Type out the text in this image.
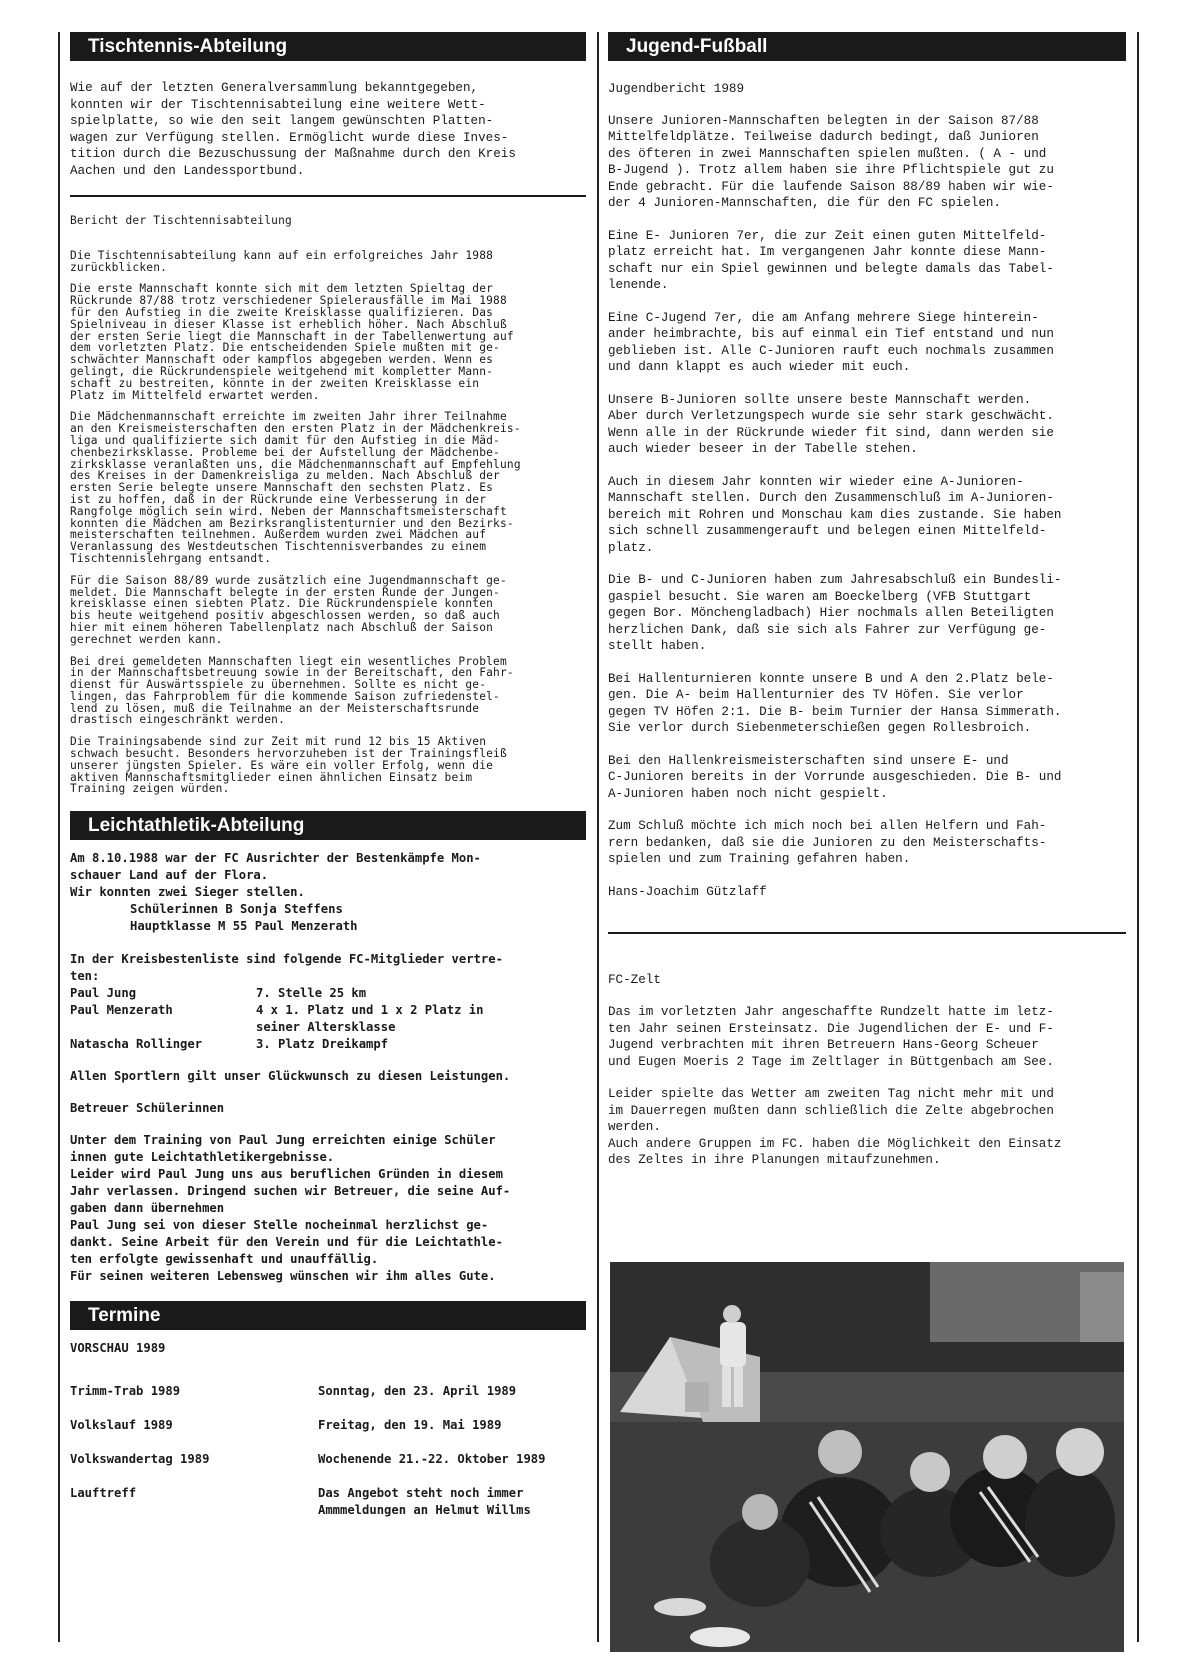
Tischtennis-Abteilung

Wie auf der letzten Generalversammlung bekanntgegeben,
konnten wir der Tischtennisabteilung eine weitere Wett-
spielplatte, so wie den seit langem gewünschten Platten-
wagen zur Verfügung stellen. Ermöglicht wurde diese Inves-
tition durch die Bezuschussung der Maßnahme durch den Kreis
Aachen und den Landessportbund.

Bericht der Tischtennisabteilung

Die Tischtennisabteilung kann auf ein erfolgreiches Jahr 1988
zurückblicken.

Die erste Mannschaft konnte sich mit dem letzten Spieltag der
Rückrunde 87/88 trotz verschiedener Spielerausfälle im Mai 1988
für den Aufstieg in die zweite Kreisklasse qualifizieren. Das
Spielniveau in dieser Klasse ist erheblich höher. Nach Abschluß
der ersten Serie liegt die Mannschaft in der Tabellenwertung auf
dem vorletzten Platz. Die entscheidenden Spiele mußten mit ge-
schwächter Mannschaft oder kampflos abgegeben werden. Wenn es
gelingt, die Rückrundenspiele weitgehend mit kompletter Mann-
schaft zu bestreiten, könnte in der zweiten Kreisklasse ein
Platz im Mittelfeld erwartet werden.

Die Mädchenmannschaft erreichte im zweiten Jahr ihrer Teilnahme
an den Kreismeisterschaften den ersten Platz in der Mädchenkreis-
liga und qualifizierte sich damit für den Aufstieg in die Mäd-
chenbezirksklasse. Probleme bei der Aufstellung der Mädchenbe-
zirksklasse veranlaßten uns, die Mädchenmannschaft auf Empfehlung
des Kreises in der Damenkreisliga zu melden. Nach Abschluß der
ersten Serie belegte unsere Mannschaft den sechsten Platz. Es
ist zu hoffen, daß in der Rückrunde eine Verbesserung in der
Rangfolge möglich sein wird. Neben der Mannschaftsmeisterschaft
konnten die Mädchen am Bezirksranglistenturnier und den Bezirks-
meisterschaften teilnehmen. Außerdem wurden zwei Mädchen auf
Veranlassung des Westdeutschen Tischtennisverbandes zu einem
Tischtennislehrgang entsandt.

Für die Saison 88/89 wurde zusätzlich eine Jugendmannschaft ge-
meldet. Die Mannschaft belegte in der ersten Runde der Jungen-
kreisklasse einen siebten Platz. Die Rückrundenspiele konnten
bis heute weitgehend positiv abgeschlossen werden, so daß auch
hier mit einem höheren Tabellenplatz nach Abschluß der Saison
gerechnet werden kann.

Bei drei gemeldeten Mannschaften liegt ein wesentliches Problem
in der Mannschaftsbetreuung sowie in der Bereitschaft, den Fahr-
dienst für Auswärtsspiele zu übernehmen. Sollte es nicht ge-
lingen, das Fahrproblem für die kommende Saison zufriedenstel-
lend zu lösen, muß die Teilnahme an der Meisterschaftsrunde
drastisch eingeschränkt werden.

Die Trainingsabende sind zur Zeit mit rund 12 bis 15 Aktiven
schwach besucht. Besonders hervorzuheben ist der Trainingsfleiß
unserer jüngsten Spieler. Es wäre ein voller Erfolg, wenn die
aktiven Mannschaftsmitglieder einen ähnlichen Einsatz beim
Training zeigen würden.

Leichtathletik-Abteilung

Am 8.10.1988 war der FC Ausrichter der Bestenkämpfe Mon-
schauer Land auf der Flora.
Wir konnten zwei Sieger stellen.

Schülerinnen B Sonja Steffens

Hauptklasse M 55 Paul Menzerath

In der Kreisbestenliste sind folgende FC-Mitglieder vertre-
ten:

Paul Jung	7. Stelle 25 km
Paul Menzerath	4 x 1. Platz und 1 x 2 Platz in
seiner Altersklasse
Natascha Rollinger	3. Platz Dreikampf

Allen Sportlern gilt unser Glückwunsch zu diesen Leistungen.

Betreuer Schülerinnen

Unter dem Training von Paul Jung erreichten einige Schüler
innen gute Leichtathletikergebnisse.
Leider wird Paul Jung uns aus beruflichen Gründen in diesem
Jahr verlassen. Dringend suchen wir Betreuer, die seine Auf-
gaben dann übernehmen
Paul Jung sei von dieser Stelle nocheinmal herzlichst ge-
dankt. Seine Arbeit für den Verein und für die Leichtathle-
ten erfolgte gewissenhaft und unauffällig.
Für seinen weiteren Lebensweg wünschen wir ihm alles Gute.

Termine

VORSCHAU 1989

Trimm-Trab 1989	Sonntag, den 23. April 1989
Volkslauf 1989	Freitag, den 19. Mai 1989
Volkswandertag 1989	Wochenende 21.-22. Oktober 1989
Lauftreff	Das Angebot steht noch immer
Ammmeldungen an Helmut Willms
Jugend-Fußball

Jugendbericht 1989

Unsere Junioren-Mannschaften belegten in der Saison 87/88
Mittelfeldplätze. Teilweise dadurch bedingt, daß Junioren
des öfteren in zwei Mannschaften spielen mußten. ( A - und
B-Jugend ). Trotz allem haben sie ihre Pflichtspiele gut zu
Ende gebracht. Für die laufende Saison 88/89 haben wir wie-
der 4 Junioren-Mannschaften, die für den FC spielen.

Eine E- Junioren 7er, die zur Zeit einen guten Mittelfeld-
platz erreicht hat. Im vergangenen Jahr konnte diese Mann-
schaft nur ein Spiel gewinnen und belegte damals das Tabel-
lenende.

Eine C-Jugend 7er, die am Anfang mehrere Siege hinterein-
ander heimbrachte, bis auf einmal ein Tief entstand und nun
geblieben ist. Alle C-Junioren rauft euch nochmals zusammen
und dann klappt es auch wieder mit euch.

Unsere B-Junioren sollte unsere beste Mannschaft werden.
Aber durch Verletzungspech wurde sie sehr stark geschwächt.
Wenn alle in der Rückrunde wieder fit sind, dann werden sie
auch wieder beseer in der Tabelle stehen.

Auch in diesem Jahr konnten wir wieder eine A-Junioren-
Mannschaft stellen. Durch den Zusammenschluß im A-Junioren-
bereich mit Rohren und Monschau kam dies zustande. Sie haben
sich schnell zusammengerauft und belegen einen Mittelfeld-
platz.

Die B- und C-Junioren haben zum Jahresabschluß ein Bundesli-
gaspiel besucht. Sie waren am Boeckelberg (VFB Stuttgart
gegen Bor. Mönchengladbach) Hier nochmals allen Beteiligten
herzlichen Dank, daß sie sich als Fahrer zur Verfügung ge-
stellt haben.

Bei Hallenturnieren konnte unsere B und A den 2.Platz bele-
gen. Die A- beim Hallenturnier des TV Höfen. Sie verlor
gegen TV Höfen 2:1. Die B- beim Turnier der Hansa Simmerath.
Sie verlor durch Siebenmeterschießen gegen Rollesbroich.

Bei den Hallenkreismeisterschaften sind unsere E- und
C-Junioren bereits in der Vorrunde ausgeschieden. Die B- und
A-Junioren haben noch nicht gespielt.

Zum Schluß möchte ich mich noch bei allen Helfern und Fah-
rern bedanken, daß sie die Junioren zu den Meisterschafts-
spielen und zum Training gefahren haben.

Hans-Joachim Gützlaff

FC-Zelt

Das im vorletzten Jahr angeschaffte Rundzelt hatte im letz-
ten Jahr seinen Ersteinsatz. Die Jugendlichen der E- und F-
Jugend verbrachten mit ihren Betreuern Hans-Georg Scheuer
und Eugen Moeris 2 Tage im Zeltlager in Büttgenbach am See.

Leider spielte das Wetter am zweiten Tag nicht mehr mit und
im Dauerregen mußten dann schließlich die Zelte abgebrochen
werden.
Auch andere Gruppen im FC. haben die Möglichkeit den Einsatz
des Zeltes in ihre Planungen mitaufzunehmen.
